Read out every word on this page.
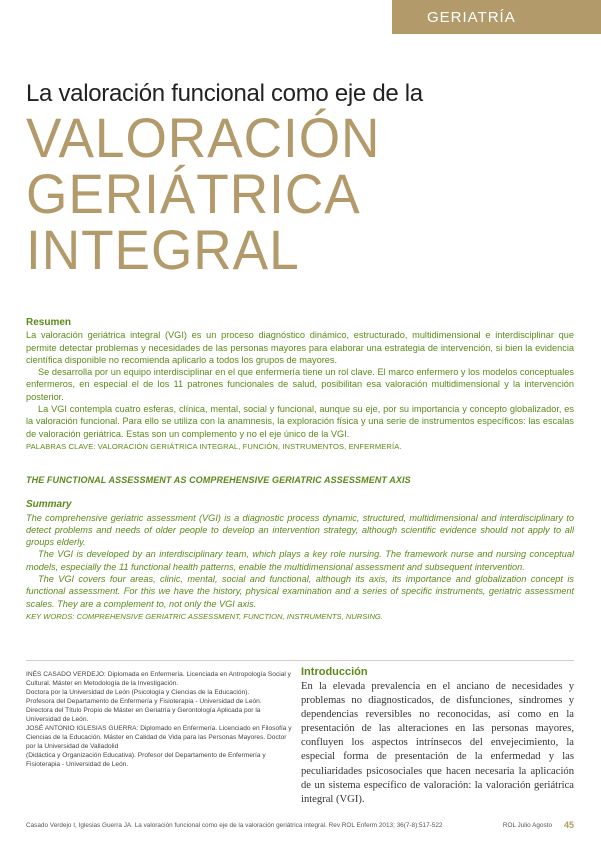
GERIATRÍA
La valoración funcional como eje de la
VALORACIÓN
GERIÁTRICA
INTEGRAL
Resumen

La valoración geriátrica integral (VGI) es un proceso diagnóstico dinámico, estructurado, multidimensional e interdisciplinar que permite detectar problemas y necesidades de las personas mayores para elaborar una estrategia de intervención, si bien la evidencia científica disponible no recomienda aplicarlo a todos los grupos de mayores.

Se desarrolla por un equipo interdisciplinar en el que enfermería tiene un rol clave. El marco enfermero y los modelos conceptuales enfermeros, en especial el de los 11 patrones funcionales de salud, posibilitan esa valoración multidimensional y la intervención posterior.

La VGI contempla cuatro esferas, clínica, mental, social y funcional, aunque su eje, por su importancia y concepto globalizador, es la valoración funcional. Para ello se utiliza con la anamnesis, la exploración física y una serie de instrumentos específicos: las escalas de valoración geriátrica. Estas son un complemento y no el eje único de la VGI.

PALABRAS CLAVE: VALORACIÓN GERIÁTRICA INTEGRAL, FUNCIÓN, INSTRUMENTOS, ENFERMERÍA.

THE FUNCTIONAL ASSESSMENT AS COMPREHENSIVE GERIATRIC ASSESSMENT AXIS
Summary

The comprehensive geriatric assessment (VGI) is a diagnostic process dynamic, structured, multidimensional and interdisciplinary to detect problems and needs of older people to develop an intervention strategy, although scientific evidence should not apply to all groups elderly.

The VGI is developed by an interdisciplinary team, which plays a key role nursing. The framework nurse and nursing conceptual models, especially the 11 functional health patterns, enable the multidimensional assessment and subsequent intervention.

The VGI covers four areas, clinic, mental, social and functional, although its axis, its importance and globalization concept is functional assessment. For this we have the history, physical examination and a series of specific instruments, geriatric assessment scales. They are a complement to, not only the VGI axis.

KEY WORDS: COMPREHENSIVE GERIATRIC ASSESSMENT, FUNCTION, INSTRUMENTS, NURSING.

INÉS CASADO VERDEJO: Diplomada en Enfermería. Licenciada en Antropología Social y Cultural. Máster en Metodología de la Investigación.

Doctora por la Universidad de León (Psicología y Ciencias de la Educación).

Profesora del Departamento de Enfermería y Fisioterapia - Universidad de León.

Directora del Título Propio de Máster en Geriatría y Gerontología Aplicada por la Universidad de León.

JOSÉ ANTONIO IGLESIAS GUERRA: Diplomado en Enfermería. Licenciado en Filosofía y Ciencias de la Educación. Máster en Calidad de Vida para las Personas Mayores. Doctor por la Universidad de Valladolid

(Didáctica y Organización Educativa). Profesor del Departamento de Enfermería y Fisioterapia - Universidad de León.

Introducción

En la elevada prevalencia en el anciano de necesidades y problemas no diagnosticados, de disfunciones, síndromes y dependencias reversibles no reconocidas, así como en la presentación de las alteraciones en las personas mayores, confluyen los aspectos intrínsecos del envejecimiento, la especial forma de presentación de la enfermedad y las peculiaridades psicosociales que hacen necesaria la aplicación de un sistema específico de valoración: la valoración geriátrica integral (VGI).

Casado Verdejo I, Iglesias Guerra JA. La valoración funcional como eje de la valoración geriátrica integral. Rev ROL Enferm 2013; 36(7-8):517-522	ROL Julio Agosto 45
